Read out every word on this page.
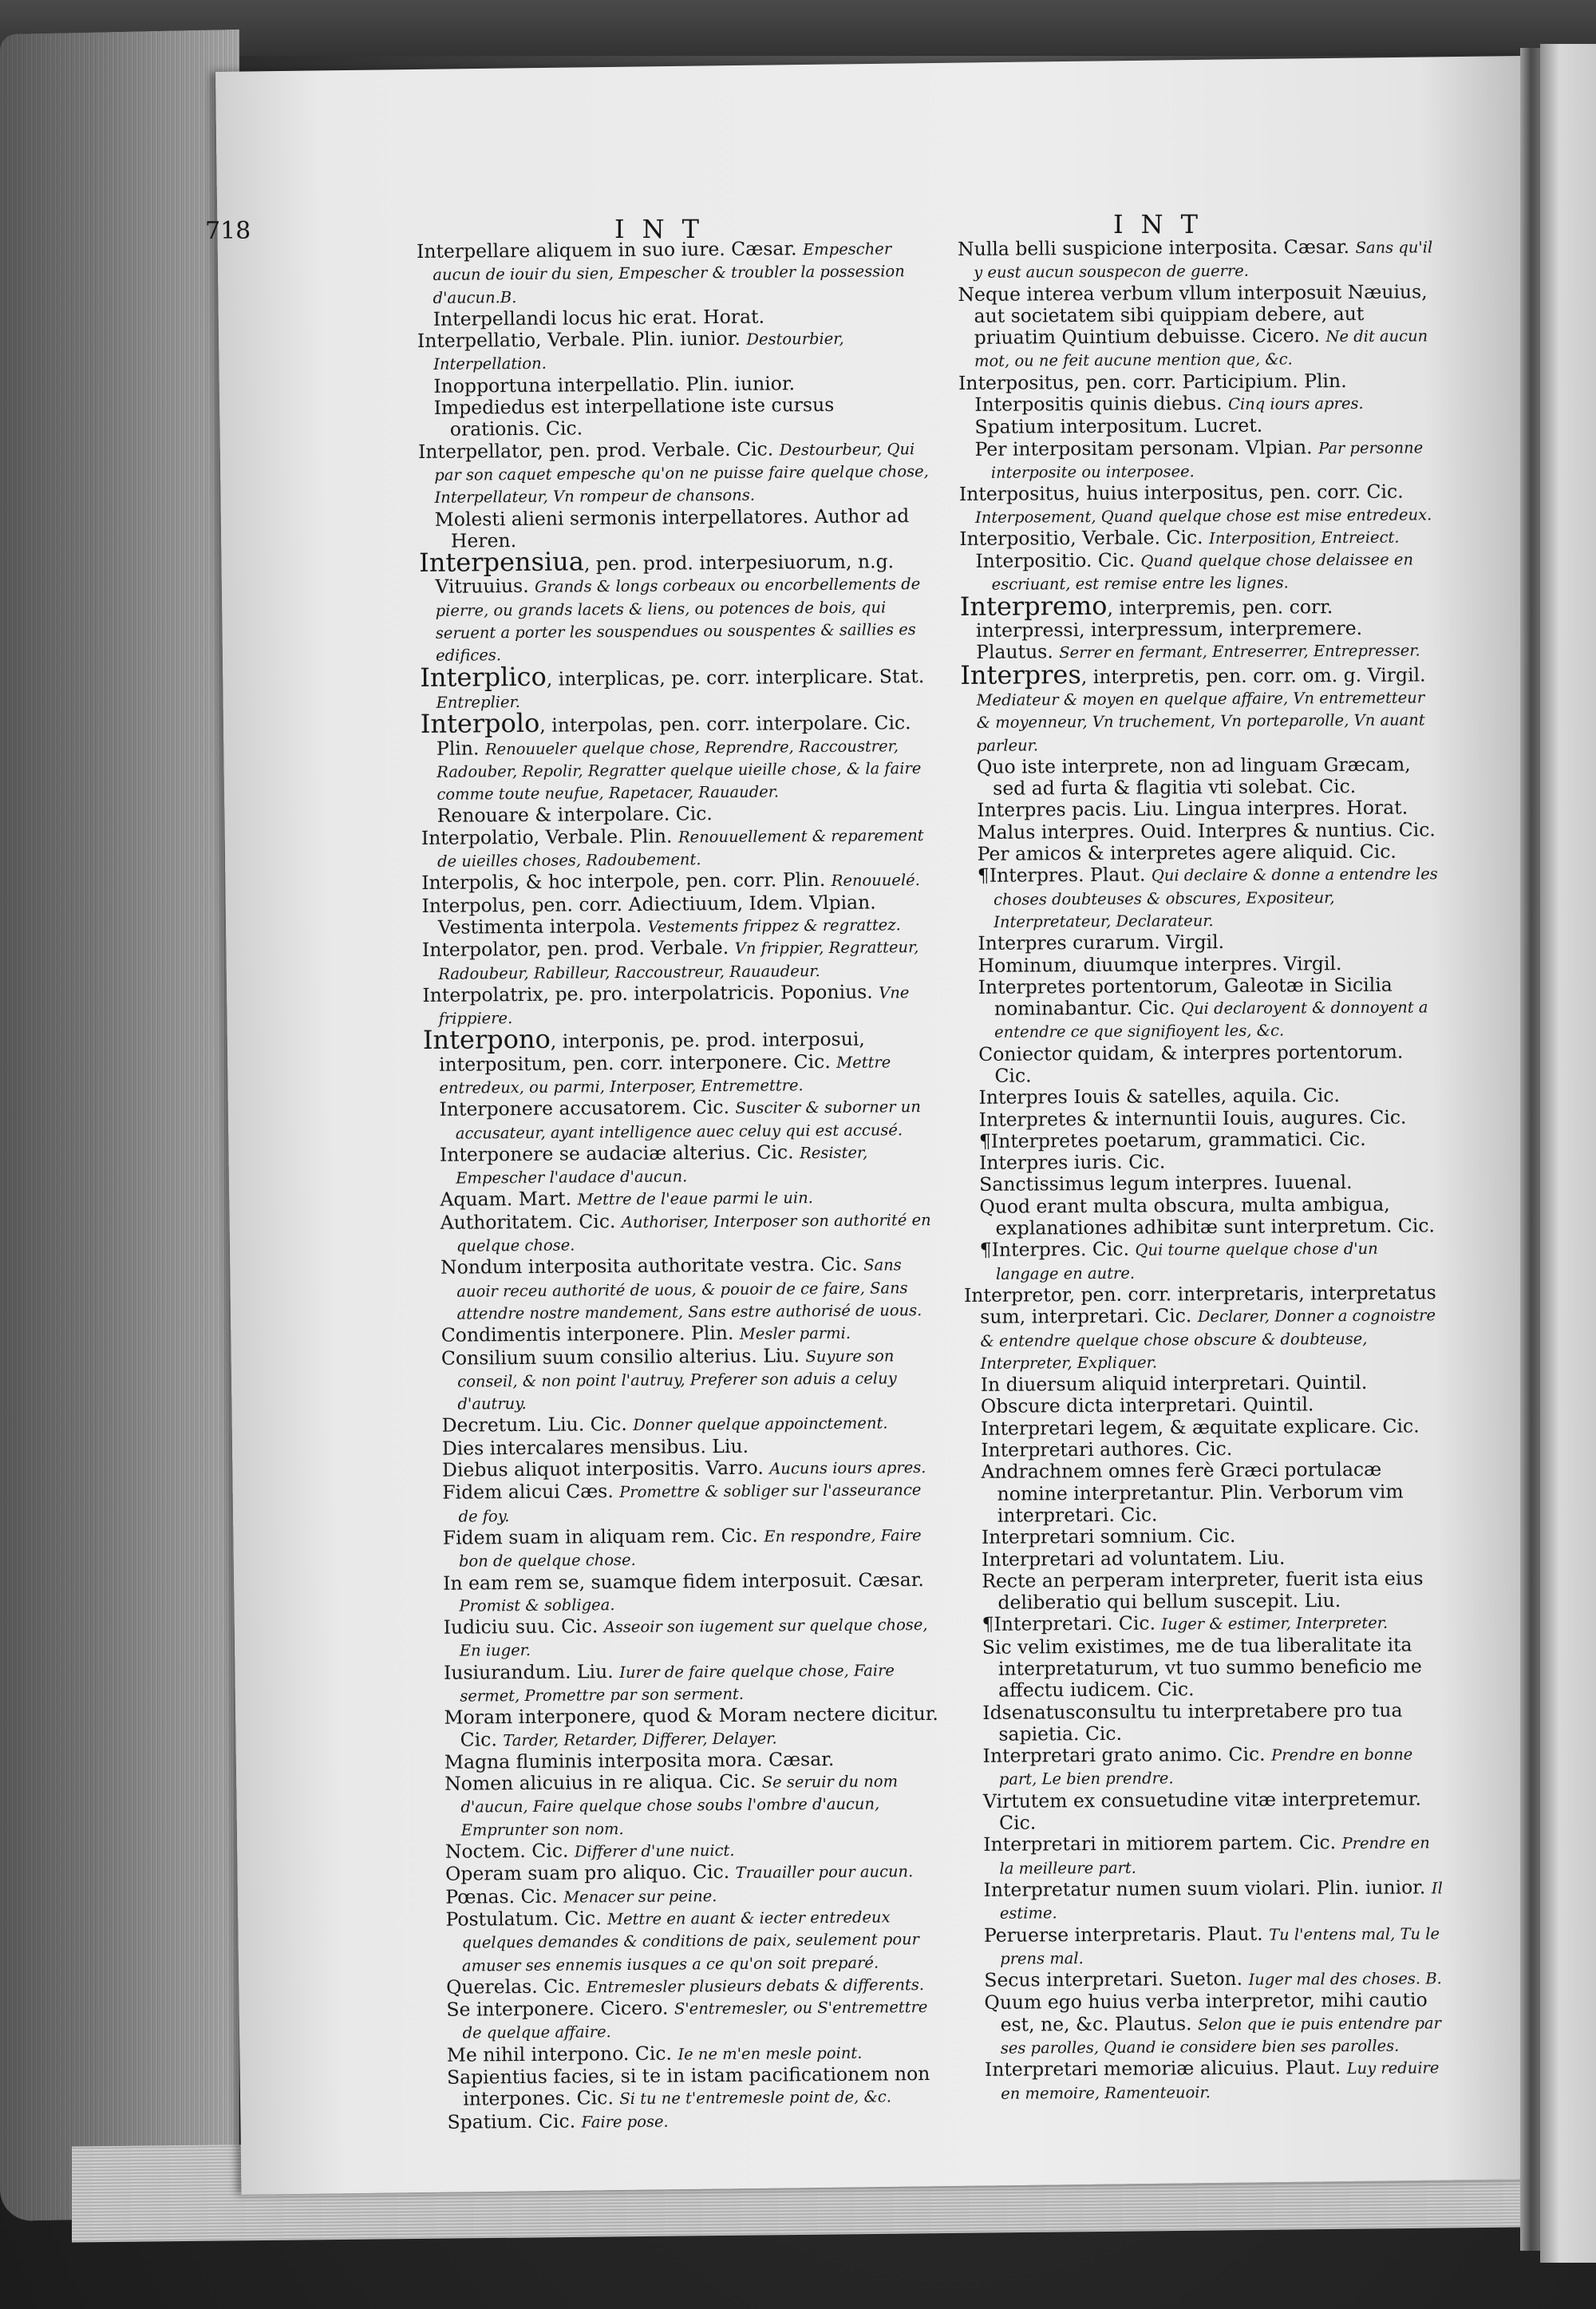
718	INT	INT
Interpellare aliquem in suo iure. Cæsar. Empescher aucun de iouir du sien, Empescher & troubler la possession d'aucun.B.
Interpellandi locus hic erat. Horat.
Interpellatio, Verbale. Plin. iunior. Destourbier, Interpellation.
Inopportuna interpellatio. Plin. iunior.
Impediedus est interpellatione iste cursus orationis. Cic.
Interpellator, pen. prod. Verbale. Cic. Destourbeur, Qui par son caquet empesche qu'on ne puisse faire quelque chose, Interpellateur, Vn rompeur de chansons.
Molesti alieni sermonis interpellatores. Author ad Heren.
Interpensiua, pen. prod. interpesiuorum, n.g. Vitruuius. Grands & longs corbeaux ou encorbellements de pierre, ou grands lacets & liens, ou potences de bois, qui seruent a porter les souspendues ou souspentes & saillies es edifices.
Interplico, interplicas, pe. corr. interplicare. Stat. Entreplier.
Interpolo, interpolas, pen. corr. interpolare. Cic. Plin. Renouueler quelque chose, Reprendre, Raccoustrer, Radouber, Repolir, Regratter quelque uieille chose, & la faire comme toute neufue, Rapetacer, Rauauder.
Renouare & interpolare. Cic.
Interpolatio, Verbale. Plin. Renouuellement & reparement de uieilles choses, Radoubement.
Interpolis, & hoc interpole, pen. corr. Plin. Renouuelé.
Interpolus, pen. corr. Adiectiuum, Idem. Vlpian. Vestimenta interpola. Vestements frippez & regrattez.
Interpolator, pen. prod. Verbale. Vn frippier, Regratteur, Radoubeur, Rabilleur, Raccoustreur, Rauaudeur.
Interpolatrix, pe. pro. interpolatricis. Poponius. Vne frippiere.
Interpono, interponis, pe. prod. interposui, interpositum, pen. corr. interponere. Cic. Mettre entredeux, ou parmi, Interposer, Entremettre.
Interponere accusatorem. Cic. Susciter & suborner un accusateur, ayant intelligence auec celuy qui est accusé.
Interponere se audaciæ alterius. Cic. Resister, Empescher l'audace d'aucun.
Aquam. Mart. Mettre de l'eaue parmi le uin.
Authoritatem. Cic. Authoriser, Interposer son authorité en quelque chose.
Nondum interposita authoritate vestra. Cic. Sans auoir receu authorité de uous, & pouoir de ce faire, Sans attendre nostre mandement, Sans estre authorisé de uous.
Condimentis interponere. Plin. Mesler parmi.
Consilium suum consilio alterius. Liu. Suyure son conseil, & non point l'autruy, Preferer son aduis a celuy d'autruy.
Decretum. Liu. Cic. Donner quelque appoinctement.
Dies intercalares mensibus. Liu.
Diebus aliquot interpositis. Varro. Aucuns iours apres.
Fidem alicui Cæs. Promettre & sobliger sur l'asseurance de foy.
Fidem suam in aliquam rem. Cic. En respondre, Faire bon de quelque chose.
In eam rem se, suamque fidem interposuit. Cæsar. Promist & sobligea.
Iudiciu suu. Cic. Asseoir son iugement sur quelque chose, En iuger.
Iusiurandum. Liu. Iurer de faire quelque chose, Faire sermet, Promettre par son serment.
Moram interponere, quod & Moram nectere dicitur. Cic. Tarder, Retarder, Differer, Delayer.
Magna fluminis interposita mora. Cæsar.
Nomen alicuius in re aliqua. Cic. Se seruir du nom d'aucun, Faire quelque chose soubs l'ombre d'aucun, Emprunter son nom.
Noctem. Cic. Differer d'une nuict.
Operam suam pro aliquo. Cic. Trauailler pour aucun.
Pœnas. Cic. Menacer sur peine.
Postulatum. Cic. Mettre en auant & iecter entredeux quelques demandes & conditions de paix, seulement pour amuser ses ennemis iusques a ce qu'on soit preparé.
Querelas. Cic. Entremesler plusieurs debats & differents.
Se interponere. Cicero. S'entremesler, ou S'entremettre de quelque affaire.
Me nihil interpono. Cic. Ie ne m'en mesle point.
Sapientius facies, si te in istam pacificationem non interpones. Cic. Si tu ne t'entremesle point de, &c.
Spatium. Cic. Faire pose.
Nulla belli suspicione interposita. Cæsar. Sans qu'il y eust aucun souspecon de guerre.
Neque interea verbum vllum interposuit Næuius, aut societatem sibi quippiam debere, aut priuatim Quintium debuisse. Cicero. Ne dit aucun mot, ou ne feit aucune mention que, &c.
Interpositus, pen. corr. Participium. Plin. Interpositis quinis diebus. Cinq iours apres.
Spatium interpositum. Lucret.
Per interpositam personam. Vlpian. Par personne interposite ou interposee.
Interpositus, huius interpositus, pen. corr. Cic. Interposement, Quand quelque chose est mise entredeux.
Interpositio, Verbale. Cic. Interposition, Entreiect.
Interpositio. Cic. Quand quelque chose delaissee en escriuant, est remise entre les lignes.
Interpremo, interpremis, pen. corr. interpressi, interpressum, interpremere. Plautus. Serrer en fermant, Entreserrer, Entrepresser.
Interpres, interpretis, pen. corr. om. g. Virgil. Mediateur & moyen en quelque affaire, Vn entremetteur & moyenneur, Vn truchement, Vn porteparolle, Vn auant parleur.
Quo iste interprete, non ad linguam Græcam, sed ad furta & flagitia vti solebat. Cic.
Interpres pacis. Liu. Lingua interpres. Horat.
Malus interpres. Ouid. Interpres & nuntius. Cic.
Per amicos & interpretes agere aliquid. Cic.
¶Interpres. Plaut. Qui declaire & donne a entendre les choses doubteuses & obscures, Expositeur, Interpretateur, Declarateur.
Interpres curarum. Virgil.
Hominum, diuumque interpres. Virgil.
Interpretes portentorum, Galeotæ in Sicilia nominabantur. Cic. Qui declaroyent & donnoyent a entendre ce que signifioyent les, &c.
Coniector quidam, & interpres portentorum. Cic.
Interpres Iouis & satelles, aquila. Cic.
Interpretes & internuntii Iouis, augures. Cic.
¶Interpretes poetarum, grammatici. Cic.
Interpres iuris. Cic.
Sanctissimus legum interpres. Iuuenal.
Quod erant multa obscura, multa ambigua, explanationes adhibitæ sunt interpretum. Cic.
¶Interpres. Cic. Qui tourne quelque chose d'un langage en autre.
Interpretor, pen. corr. interpretaris, interpretatus sum, interpretari. Cic. Declarer, Donner a cognoistre & entendre quelque chose obscure & doubteuse, Interpreter, Expliquer.
In diuersum aliquid interpretari. Quintil.
Obscure dicta interpretari. Quintil.
Interpretari legem, & æquitate explicare. Cic.
Interpretari authores. Cic.
Andrachnem omnes ferè Græci portulacæ nomine interpretantur. Plin. Verborum vim interpretari. Cic.
Interpretari somnium. Cic.
Interpretari ad voluntatem. Liu.
Recte an perperam interpreter, fuerit ista eius deliberatio qui bellum suscepit. Liu.
¶Interpretari. Cic. Iuger & estimer, Interpreter.
Sic velim existimes, me de tua liberalitate ita interpretaturum, vt tuo summo beneficio me affectu iudicem. Cic.
Idsenatusconsultu tu interpretabere pro tua sapietia. Cic.
Interpretari grato animo. Cic. Prendre en bonne part, Le bien prendre.
Virtutem ex consuetudine vitæ interpretemur. Cic.
Interpretari in mitiorem partem. Cic. Prendre en la meilleure part.
Interpretatur numen suum violari. Plin. iunior. Il estime.
Peruerse interpretaris. Plaut. Tu l'entens mal, Tu le prens mal.
Secus interpretari. Sueton. Iuger mal des choses. B.
Quum ego huius verba interpretor, mihi cautio est, ne, &c. Plautus. Selon que ie puis entendre par ses parolles, Quand ie considere bien ses parolles.
Interpretari memoriæ alicuius. Plaut. Luy reduire en memoire, Ramenteuoir.
